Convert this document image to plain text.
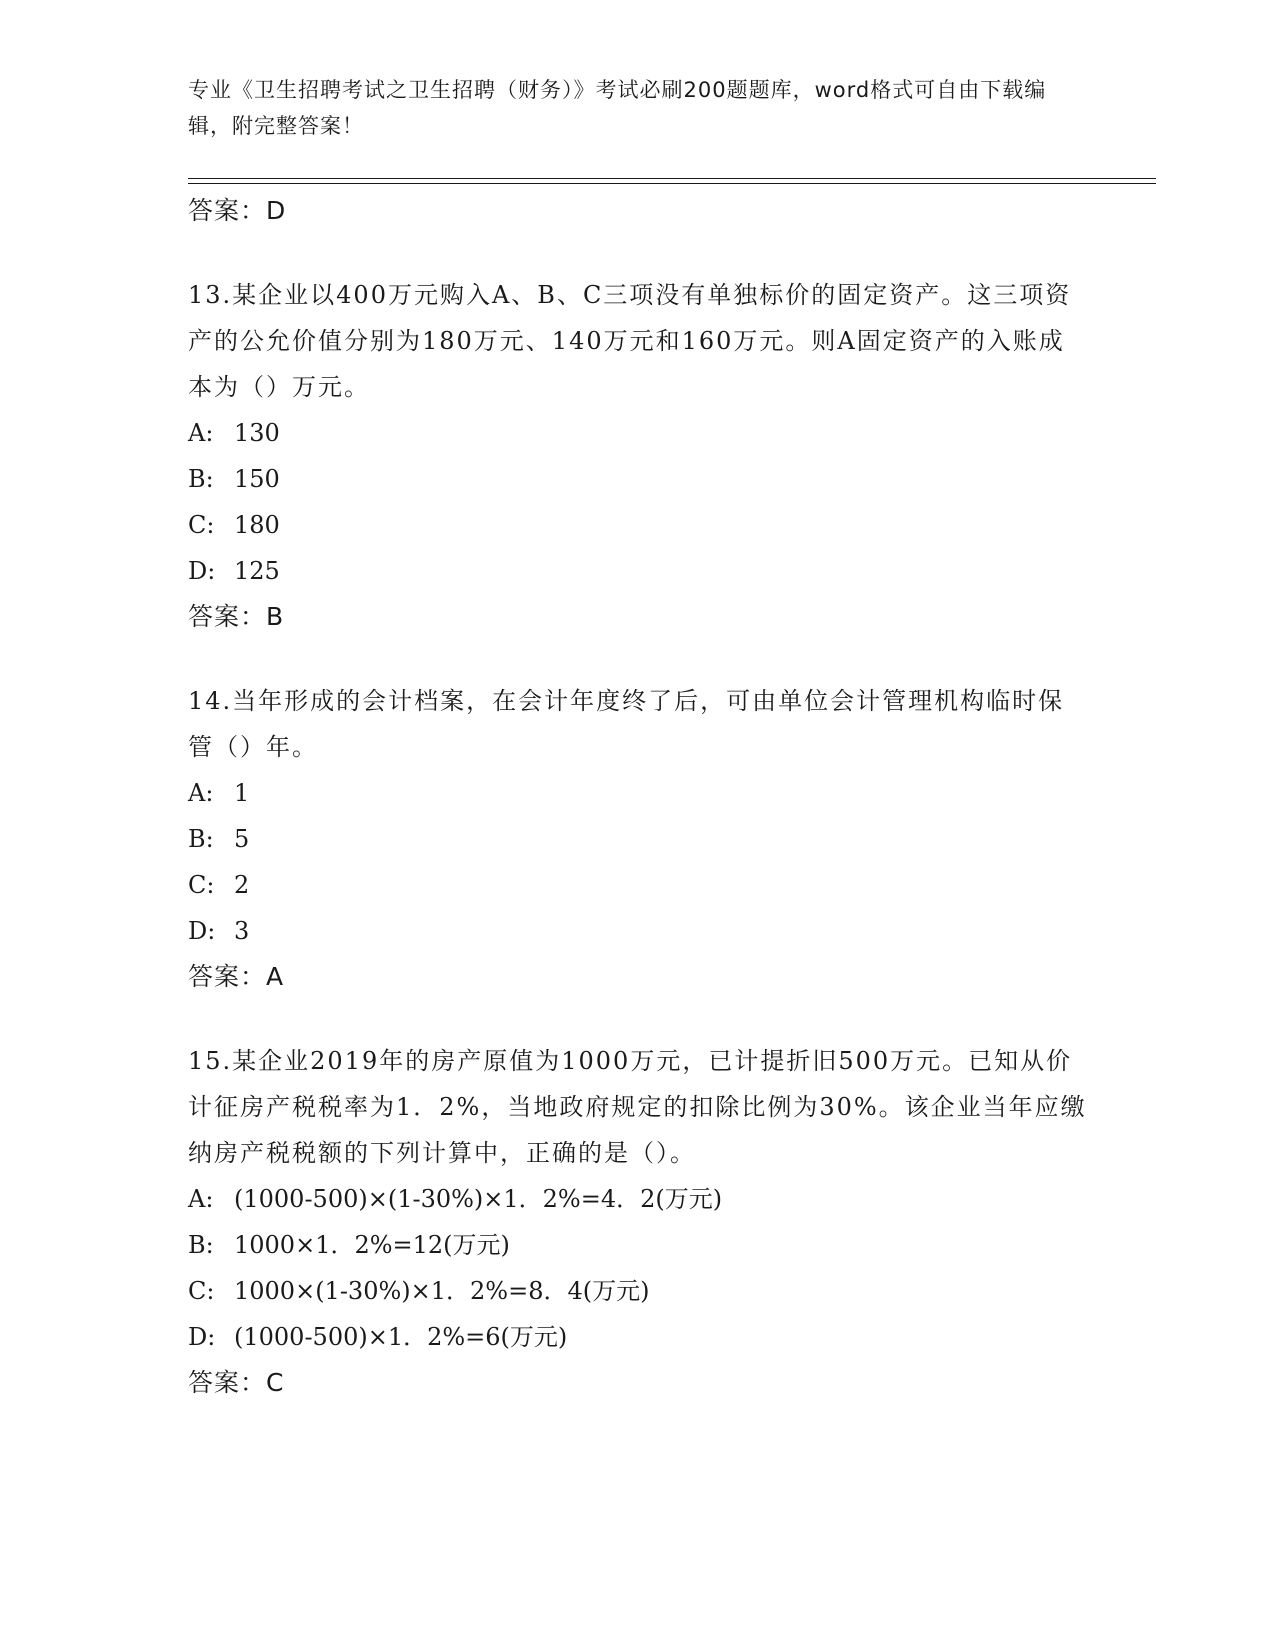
专业《卫生招聘考试之卫生招聘（财务）》考试必刷200题题库，word格式可自由下载编辑，附完整答案！
答案：D
13.某企业以400万元购入A、B、C三项没有单独标价的固定资产。这三项资产的公允价值分别为180万元、140万元和160万元。则A固定资产的入账成本为（）万元。
A: 130
B: 150
C: 180
D: 125
答案：B
14.当年形成的会计档案，在会计年度终了后，可由单位会计管理机构临时保管（）年。
A: 1
B: 5
C: 2
D: 3
答案：A
15.某企业2019年的房产原值为1000万元，已计提折旧500万元。已知从价计征房产税税率为1．2%，当地政府规定的扣除比例为30%。该企业当年应缴纳房产税税额的下列计算中，正确的是（）。
A: (1000-500)×(1-30%)×1．2%=4．2(万元)
B: 1000×1．2%=12(万元)
C: 1000×(1-30%)×1．2%=8．4(万元)
D: (1000-500)×1．2%=6(万元)
答案：C
